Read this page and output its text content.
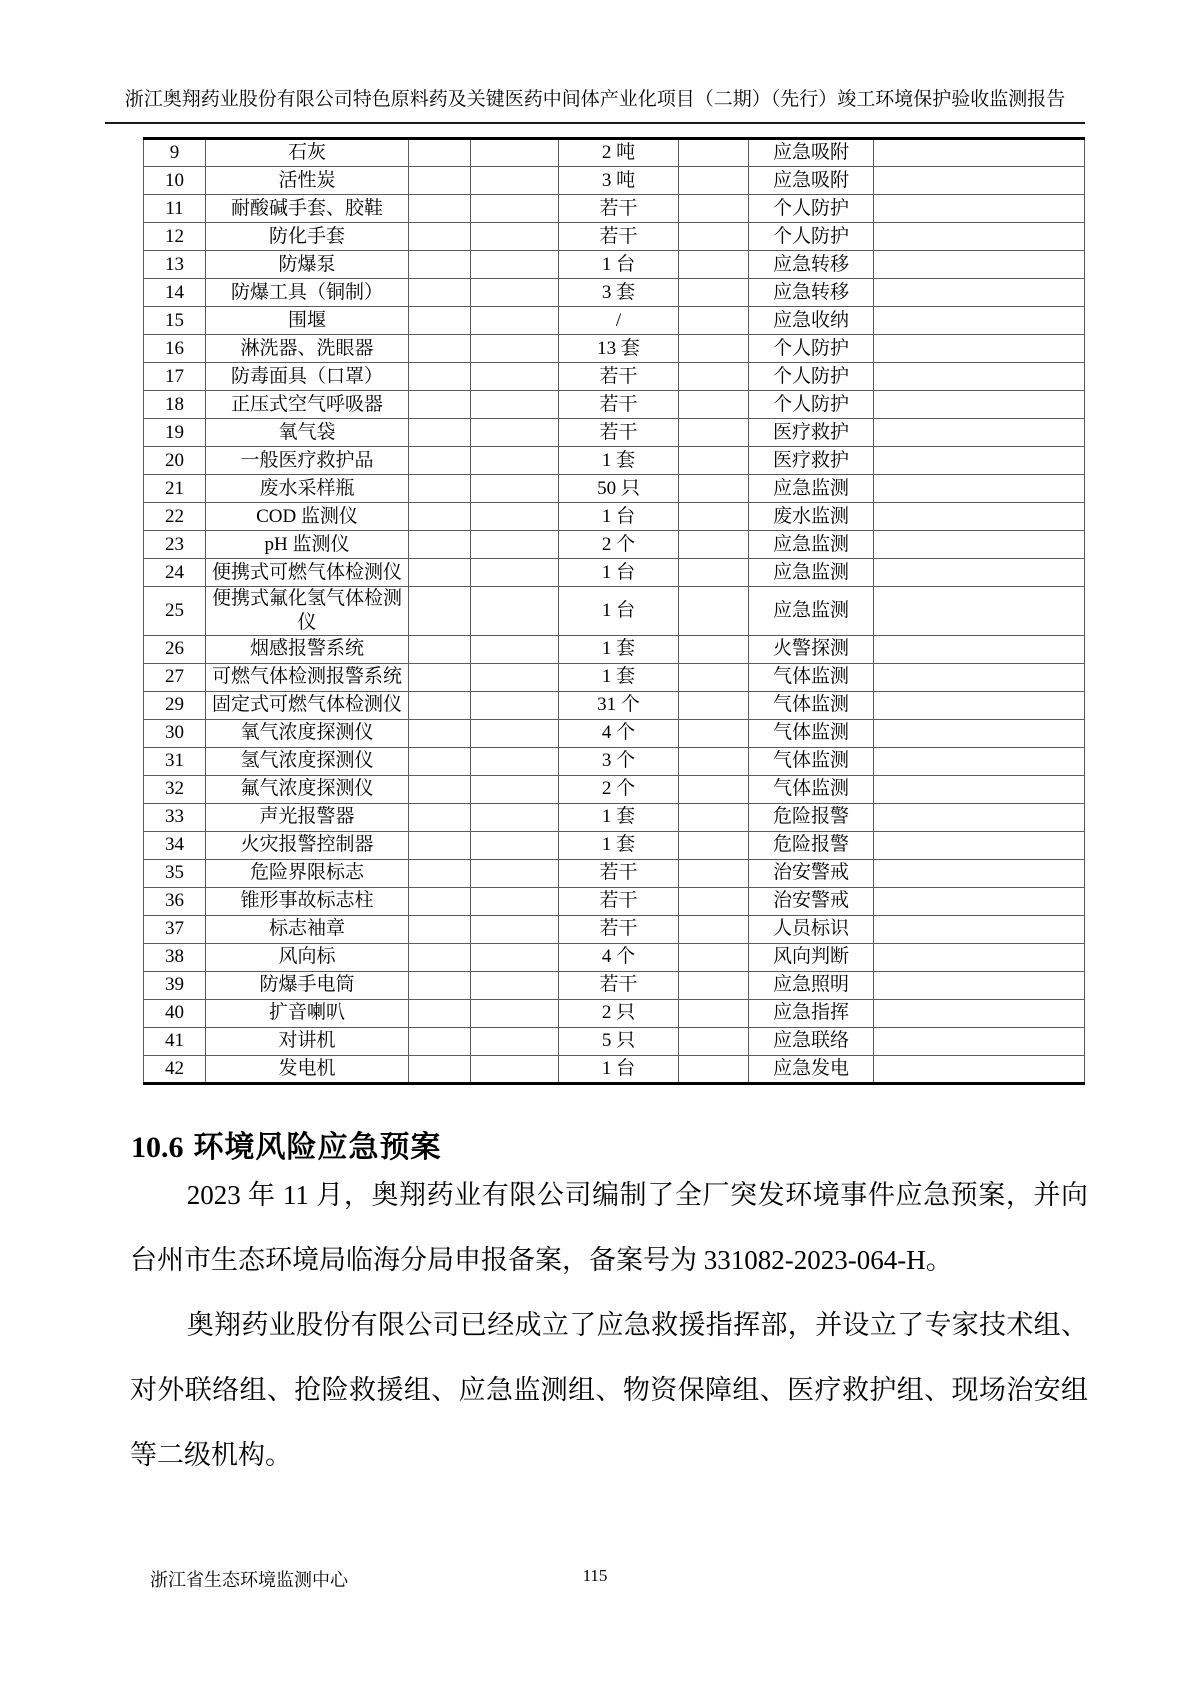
浙江奥翔药业股份有限公司特色原料药及关键医药中间体产业化项目（二期）（先行）竣工环境保护验收监测报告
9	石灰			2 吨		应急吸附	
10	活性炭			3 吨		应急吸附	
11	耐酸碱手套、胶鞋			若干		个人防护	
12	防化手套			若干		个人防护	
13	防爆泵			1 台		应急转移	
14	防爆工具（铜制）			3 套		应急转移	
15	围堰			/		应急收纳	
16	淋洗器、洗眼器			13 套		个人防护	
17	防毒面具（口罩）			若干		个人防护	
18	正压式空气呼吸器			若干		个人防护	
19	氧气袋			若干		医疗救护	
20	一般医疗救护品			1 套		医疗救护	
21	废水采样瓶			50 只		应急监测	
22	COD 监测仪			1 台		废水监测	
23	pH 监测仪			2 个		应急监测	
24	便携式可燃气体检测仪			1 台		应急监测	
25	便携式氟化氢气体检测仪			1 台		应急监测	
26	烟感报警系统			1 套		火警探测	
27	可燃气体检测报警系统			1 套		气体监测	
29	固定式可燃气体检测仪			31 个		气体监测	
30	氧气浓度探测仪			4 个		气体监测	
31	氢气浓度探测仪			3 个		气体监测	
32	氟气浓度探测仪			2 个		气体监测	
33	声光报警器			1 套		危险报警	
34	火灾报警控制器			1 套		危险报警	
35	危险界限标志			若干		治安警戒	
36	锥形事故标志柱			若干		治安警戒	
37	标志袖章			若干		人员标识	
38	风向标			4 个		风向判断	
39	防爆手电筒			若干		应急照明	
40	扩音喇叭			2 只		应急指挥	
41	对讲机			5 只		应急联络	
42	发电机			1 台		应急发电	
10.6 环境风险应急预案

2023 年 11 月，奥翔药业有限公司编制了全厂突发环境事件应急预案，并向台州市生态环境局临海分局申报备案，备案号为 331082-2023-064-H。

奥翔药业股份有限公司已经成立了应急救援指挥部，并设立了专家技术组、对外联络组、抢险救援组、应急监测组、物资保障组、医疗救护组、现场治安组等二级机构。

浙江省生态环境监测中心	115
